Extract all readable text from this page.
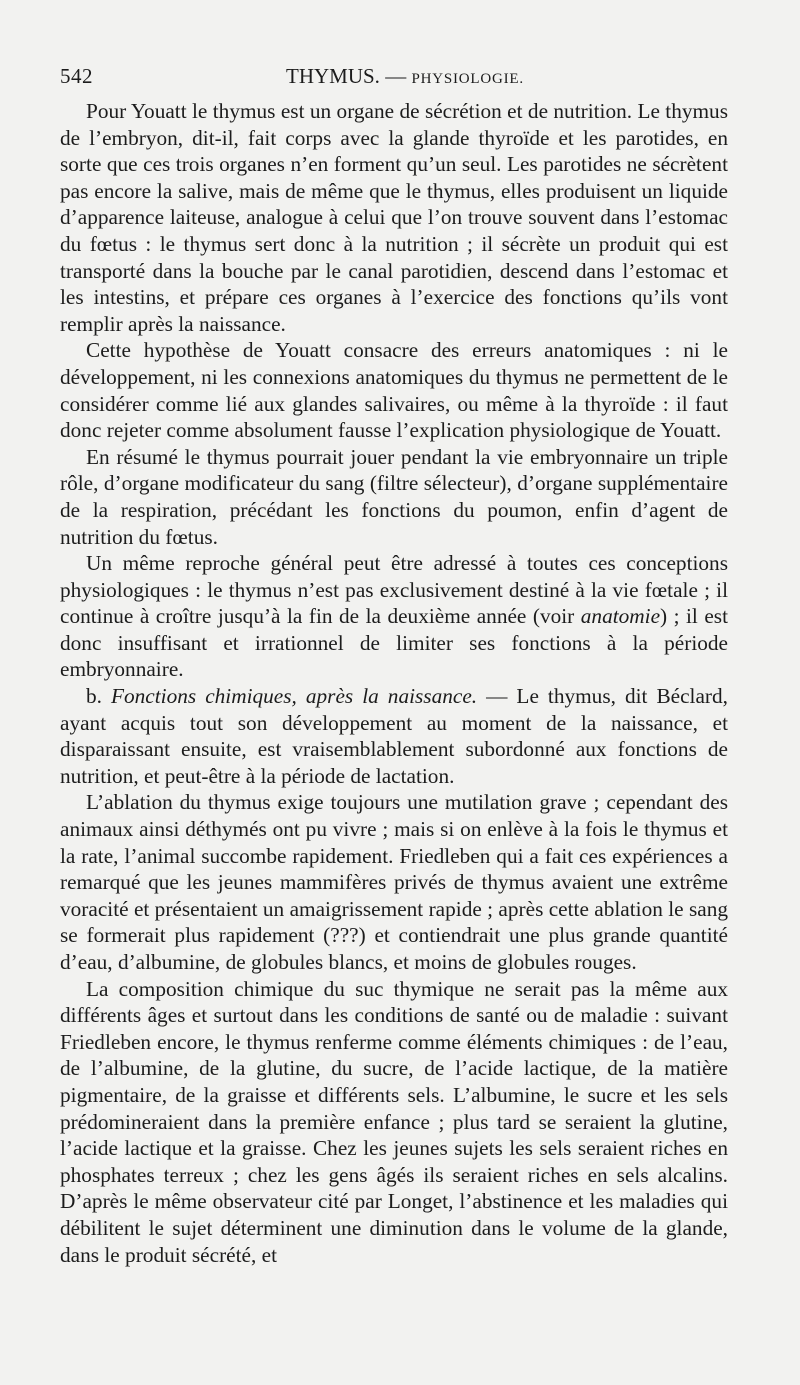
542	THYMUS. — PHYSIOLOGIE.

Pour Youatt le thymus est un organe de sécrétion et de nutrition. Le thymus de l’embryon, dit-il, fait corps avec la glande thyroïde et les parotides, en sorte que ces trois organes n’en forment qu’un seul. Les parotides ne sécrètent pas encore la salive, mais de même que le thymus, elles produisent un liquide d’apparence laiteuse, analogue à celui que l’on trouve souvent dans l’estomac du fœtus : le thymus sert donc à la nutrition ; il sécrète un produit qui est transporté dans la bouche par le canal parotidien, descend dans l’estomac et les intestins, et prépare ces organes à l’exercice des fonctions qu’ils vont remplir après la naissance.

Cette hypothèse de Youatt consacre des erreurs anatomiques : ni le développement, ni les connexions anatomiques du thymus ne permettent de le considérer comme lié aux glandes salivaires, ou même à la thyroïde : il faut donc rejeter comme absolument fausse l’explication physiologique de Youatt.

En résumé le thymus pourrait jouer pendant la vie embryonnaire un triple rôle, d’organe modificateur du sang (filtre sélecteur), d’organe supplémentaire de la respiration, précédant les fonctions du poumon, enfin d’agent de nutrition du fœtus.

Un même reproche général peut être adressé à toutes ces conceptions physiologiques : le thymus n’est pas exclusivement destiné à la vie fœtale ; il continue à croître jusqu’à la fin de la deuxième année (voir anatomie) ; il est donc insuffisant et irrationnel de limiter ses fonctions à la période embryonnaire.

b. Fonctions chimiques, après la naissance. — Le thymus, dit Béclard, ayant acquis tout son développement au moment de la naissance, et disparaissant ensuite, est vraisemblablement subordonné aux fonctions de nutrition, et peut-être à la période de lactation.

L’ablation du thymus exige toujours une mutilation grave ; cependant des animaux ainsi déthymés ont pu vivre ; mais si on enlève à la fois le thymus et la rate, l’animal succombe rapidement. Friedleben qui a fait ces expériences a remarqué que les jeunes mammifères privés de thymus avaient une extrême voracité et présentaient un amaigrissement rapide ; après cette ablation le sang se formerait plus rapidement (???) et contiendrait une plus grande quantité d’eau, d’albumine, de globules blancs, et moins de globules rouges.

La composition chimique du suc thymique ne serait pas la même aux différents âges et surtout dans les conditions de santé ou de maladie : suivant Friedleben encore, le thymus renferme comme éléments chimiques : de l’eau, de l’albumine, de la glutine, du sucre, de l’acide lactique, de la matière pigmentaire, de la graisse et différents sels. L’albumine, le sucre et les sels prédomineraient dans la première enfance ; plus tard se seraient la glutine, l’acide lactique et la graisse. Chez les jeunes sujets les sels seraient riches en phosphates terreux ; chez les gens âgés ils seraient riches en sels alcalins. D’après le même observateur cité par Longet, l’abstinence et les maladies qui débilitent le sujet déterminent une diminution dans le volume de la glande, dans le produit sécrété, et
